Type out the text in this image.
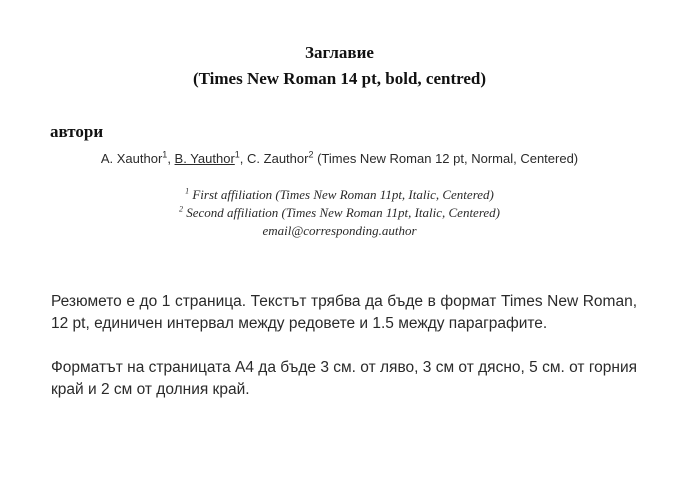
Заглавие
(Times New Roman 14 pt, bold, centred)
автори
A. Xauthor$^1$, B. Yauthor$^1$, C. Zauthor$^2$ (Times New Roman 12 pt, Normal, Centered)
$^1$ First affiliation (Times New Roman 11pt, Italic, Centered)
$^2$ Second affiliation (Times New Roman 11pt, Italic, Centered)
email@corresponding.author

Резюмето е до 1 страница. Текстът трябва да бъде в формат Times New Roman, 12 pt, единичен интервал между редовете и 1.5 между параграфите.

Форматът на страницата А4 да бъде 3 см. от ляво, 3 см от дясно, 5 см. от горния край и 2 см от долния край.
